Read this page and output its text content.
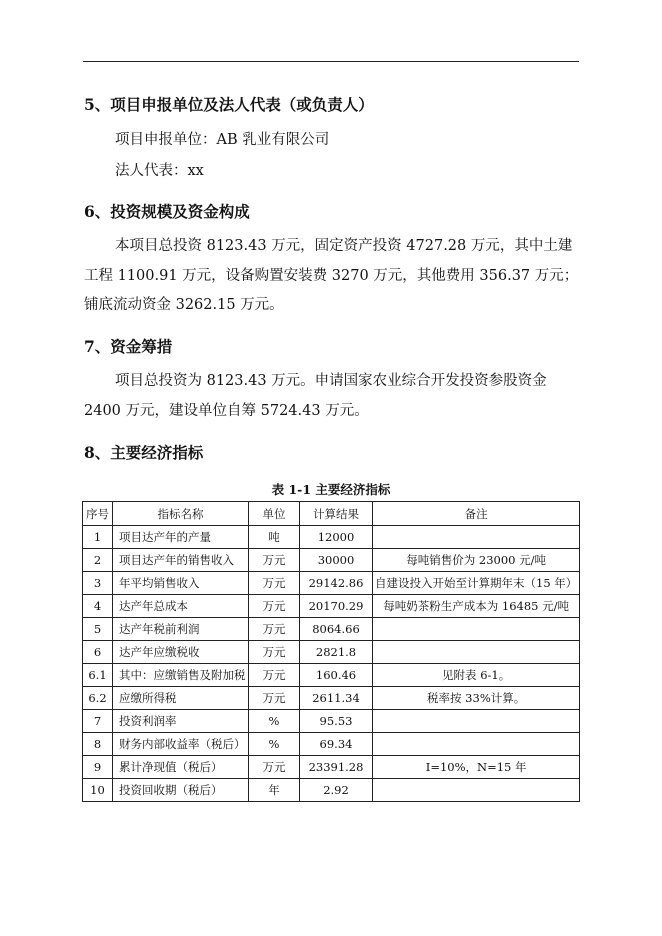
5、项目申报单位及法人代表（或负责人）
项目申报单位：AB 乳业有限公司
法人代表：xx
6、投资规模及资金构成
本项目总投资 8123.43 万元，固定资产投资 4727.28 万元，其中土建
工程 1100.91 万元，设备购置安装费 3270 万元，其他费用 356.37 万元；
铺底流动资金 3262.15 万元。
7、资金筹措
项目总投资为 8123.43 万元。申请国家农业综合开发投资参股资金
2400 万元，建设单位自筹 5724.43 万元。
8、主要经济指标
表 1-1 主要经济指标
序号	指标名称	单位	计算结果	备注
1	项目达产年的产量	吨	12000	
2	项目达产年的销售收入	万元	30000	每吨销售价为 23000 元/吨
3	年平均销售收入	万元	29142.86	自建设投入开始至计算期年末（15 年）
4	达产年总成本	万元	20170.29	每吨奶茶粉生产成本为 16485 元/吨
5	达产年税前利润	万元	8064.66	
6	达产年应缴税收	万元	2821.8	
6.1	其中：应缴销售及附加税	万元	160.46	见附表 6-1。
6.2	应缴所得税	万元	2611.34	税率按 33%计算。
7	投资利润率	%	95.53	
8	财务内部收益率（税后）	%	69.34	
9	累计净现值（税后）	万元	23391.28	I=10%，N=15 年
10	投资回收期（税后）	年	2.92	
